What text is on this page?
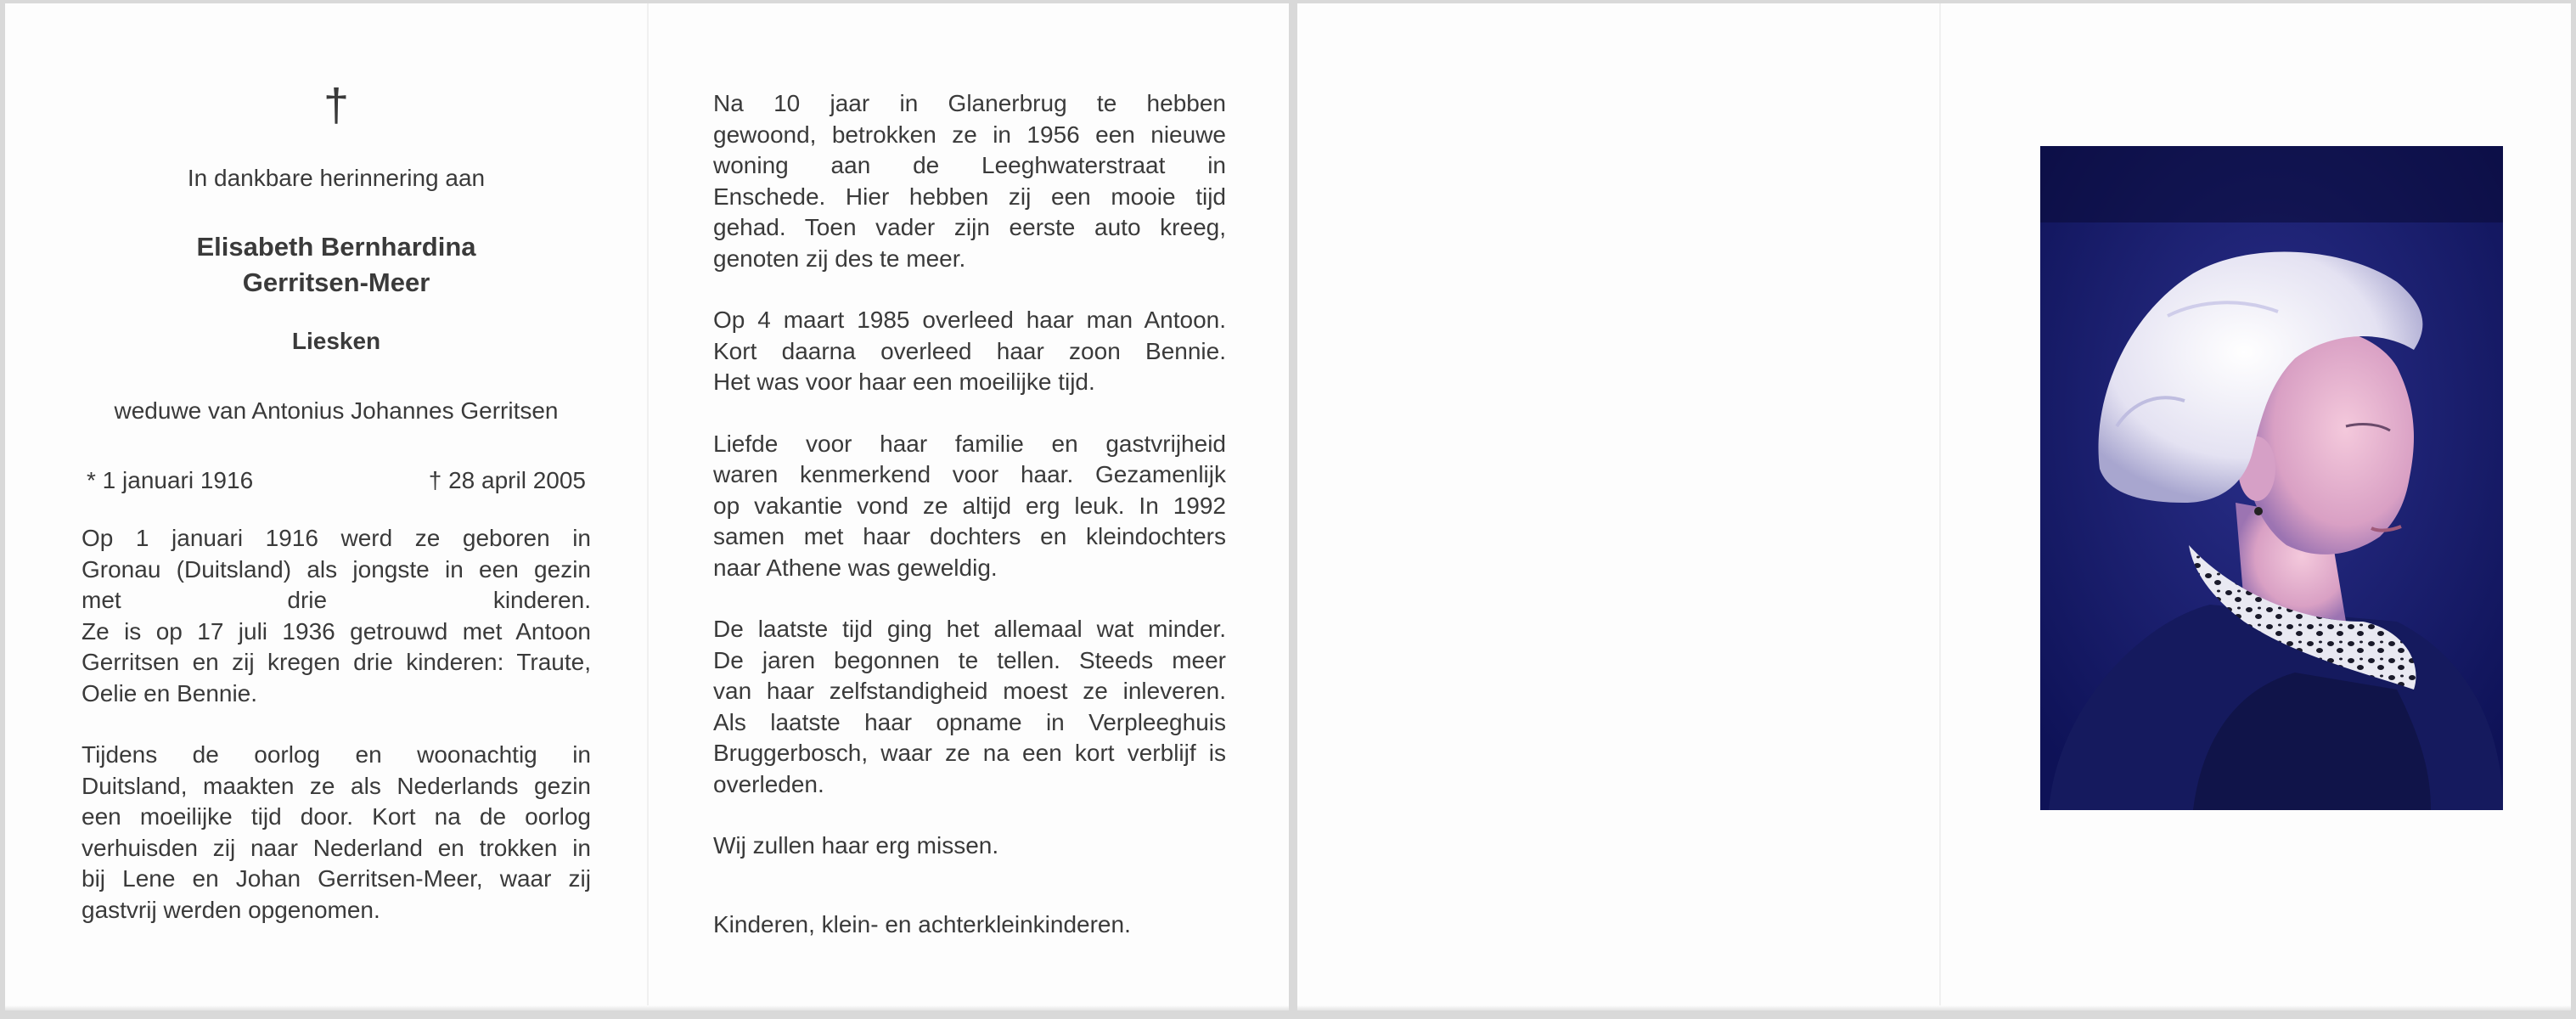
†
In dankbare herinnering aan
Elisabeth Bernhardina
Gerritsen-Meer
Liesken
weduwe van Antonius Johannes Gerritsen
* 1 januari 1916	† 28 april 2005

Op 1 januari 1916 werd ze geboren in
Gronau (Duitsland) als jongste in een gezin
met drie kinderen.
Ze is op 17 juli 1936 getrouwd met Antoon
Gerritsen en zij kregen drie kinderen: Traute,
Oelie en Bennie.

Tijdens de oorlog en woonachtig in
Duitsland, maakten ze als Nederlands gezin
een moeilijke tijd door. Kort na de oorlog
verhuisden zij naar Nederland en trokken in
bij Lene en Johan Gerritsen-Meer, waar zij
gastvrij werden opgenomen.

Na 10 jaar in Glanerbrug te hebben
gewoond, betrokken ze in 1956 een nieuwe
woning aan de Leeghwaterstraat in
Enschede. Hier hebben zij een mooie tijd
gehad. Toen vader zijn eerste auto kreeg,
genoten zij des te meer.

Op 4 maart 1985 overleed haar man Antoon.
Kort daarna overleed haar zoon Bennie.
Het was voor haar een moeilijke tijd.

Liefde voor haar familie en gastvrijheid
waren kenmerkend voor haar. Gezamenlijk
op vakantie vond ze altijd erg leuk. In 1992
samen met haar dochters en kleindochters
naar Athene was geweldig.

De laatste tijd ging het allemaal wat minder.
De jaren begonnen te tellen. Steeds meer
van haar zelfstandigheid moest ze inleveren.
Als laatste haar opname in Verpleeghuis
Bruggerbosch, waar ze na een kort verblijf is
overleden.

Wij zullen haar erg missen.

Kinderen, klein- en achterkleinkinderen.
